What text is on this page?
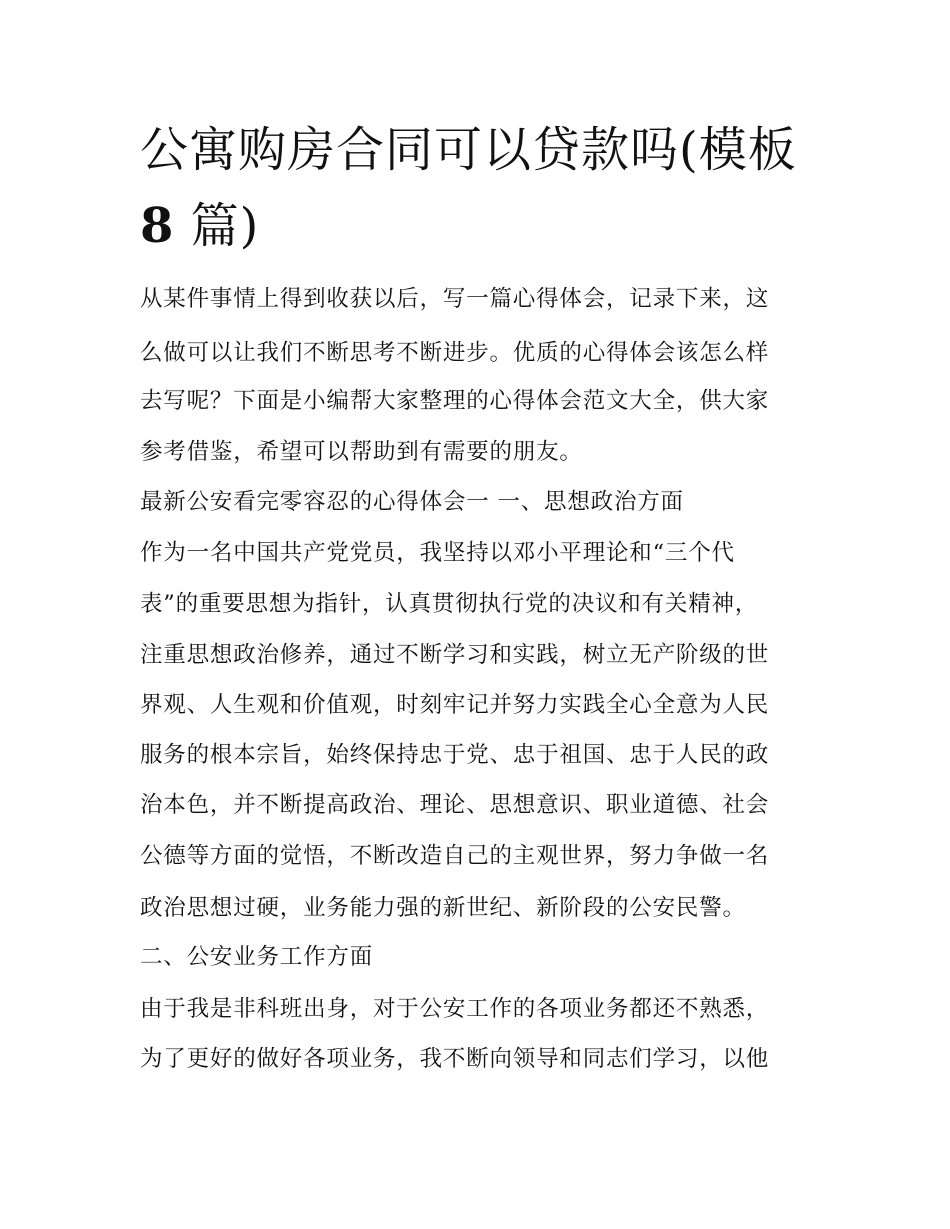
公寓购房合同可以贷款吗(模板
8 篇)

从某件事情上得到收获以后，写一篇心得体会，记录下来，这

么做可以让我们不断思考不断进步。优质的心得体会该怎么样

去写呢？下面是小编帮大家整理的心得体会范文大全，供大家

参考借鉴，希望可以帮助到有需要的朋友。

最新公安看完零容忍的心得体会一 一、思想政治方面

作为一名中国共产党党员，我坚持以邓小平理论和“三个代

表”的重要思想为指针，认真贯彻执行党的决议和有关精神，

注重思想政治修养，通过不断学习和实践，树立无产阶级的世

界观、人生观和价值观，时刻牢记并努力实践全心全意为人民

服务的根本宗旨，始终保持忠于党、忠于祖国、忠于人民的政

治本色，并不断提高政治、理论、思想意识、职业道德、社会

公德等方面的觉悟，不断改造自己的主观世界，努力争做一名

政治思想过硬，业务能力强的新世纪、新阶段的公安民警。

二、公安业务工作方面

由于我是非科班出身，对于公安工作的各项业务都还不熟悉，

为了更好的做好各项业务，我不断向领导和同志们学习，以他
